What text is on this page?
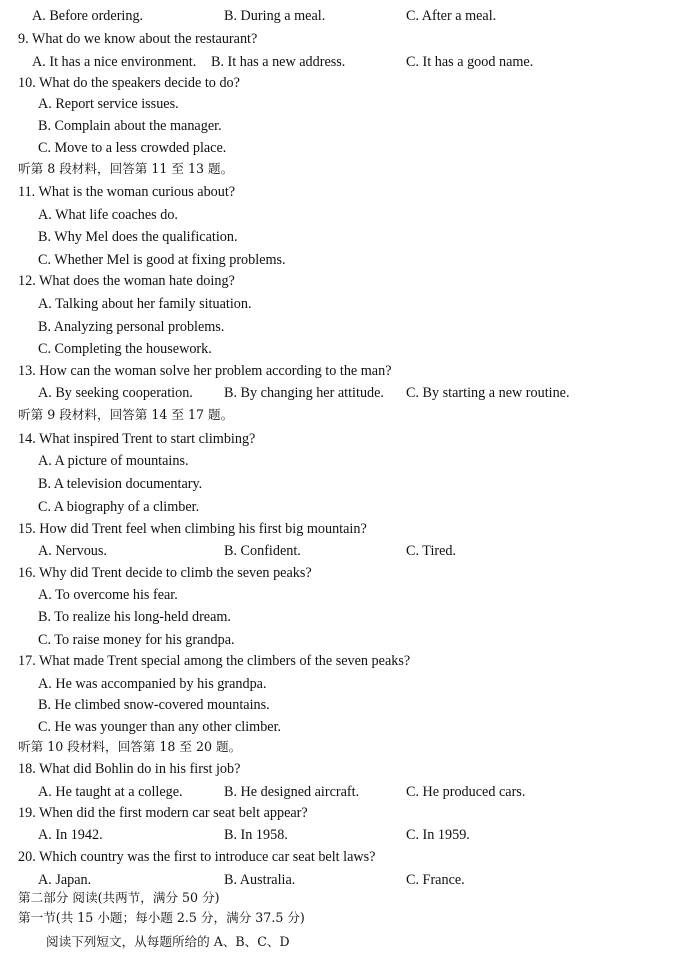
A. Before ordering.	B. During a meal.	C. After a meal.
9. What do we know about the restaurant?
A. It has a nice environment. B. It has a new address.	C. It has a good name.
10. What do the speakers decide to do?
A. Report service issues.
B. Complain about the manager.
C. Move to a less crowded place.
听第 8 段材料，回答第 11 至 13 题。
11. What is the woman curious about?
A. What life coaches do.
B. Why Mel does the qualification.
C. Whether Mel is good at fixing problems.
12. What does the woman hate doing?
A. Talking about her family situation.
B. Analyzing personal problems.
C. Completing the housework.
13. How can the woman solve her problem according to the man?
A. By seeking cooperation. B. By changing her attitude. C. By starting a new routine.
听第 9 段材料，回答第 14 至 17 题。
14. What inspired Trent to start climbing?
A. A picture of mountains.
B. A television documentary.
C. A biography of a climber.
15. How did Trent feel when climbing his first big mountain?
A. Nervous.	B. Confident.	C. Tired.
16. Why did Trent decide to climb the seven peaks?
A. To overcome his fear.
B. To realize his long-held dream.
C. To raise money for his grandpa.
17. What made Trent special among the climbers of the seven peaks?
A. He was accompanied by his grandpa.
B. He climbed snow-covered mountains.
C. He was younger than any other climber.
听第 10 段材料，回答第 18 至 20 题。
18. What did Bohlin do in his first job?
A. He taught at a college.	B. He designed aircraft.	C. He produced cars.
19. When did the first modern car seat belt appear?
A. In 1942.	B. In 1958.	C. In 1959.
20. Which country was the first to introduce car seat belt laws?
A. Japan.	B. Australia.	C. France.
第二部分 阅读(共两节，满分 50 分)
第一节(共 15 小题；每小题 2.5 分，满分 37.5 分)
阅读下列短文，从每题所给的 A、B、C、D
